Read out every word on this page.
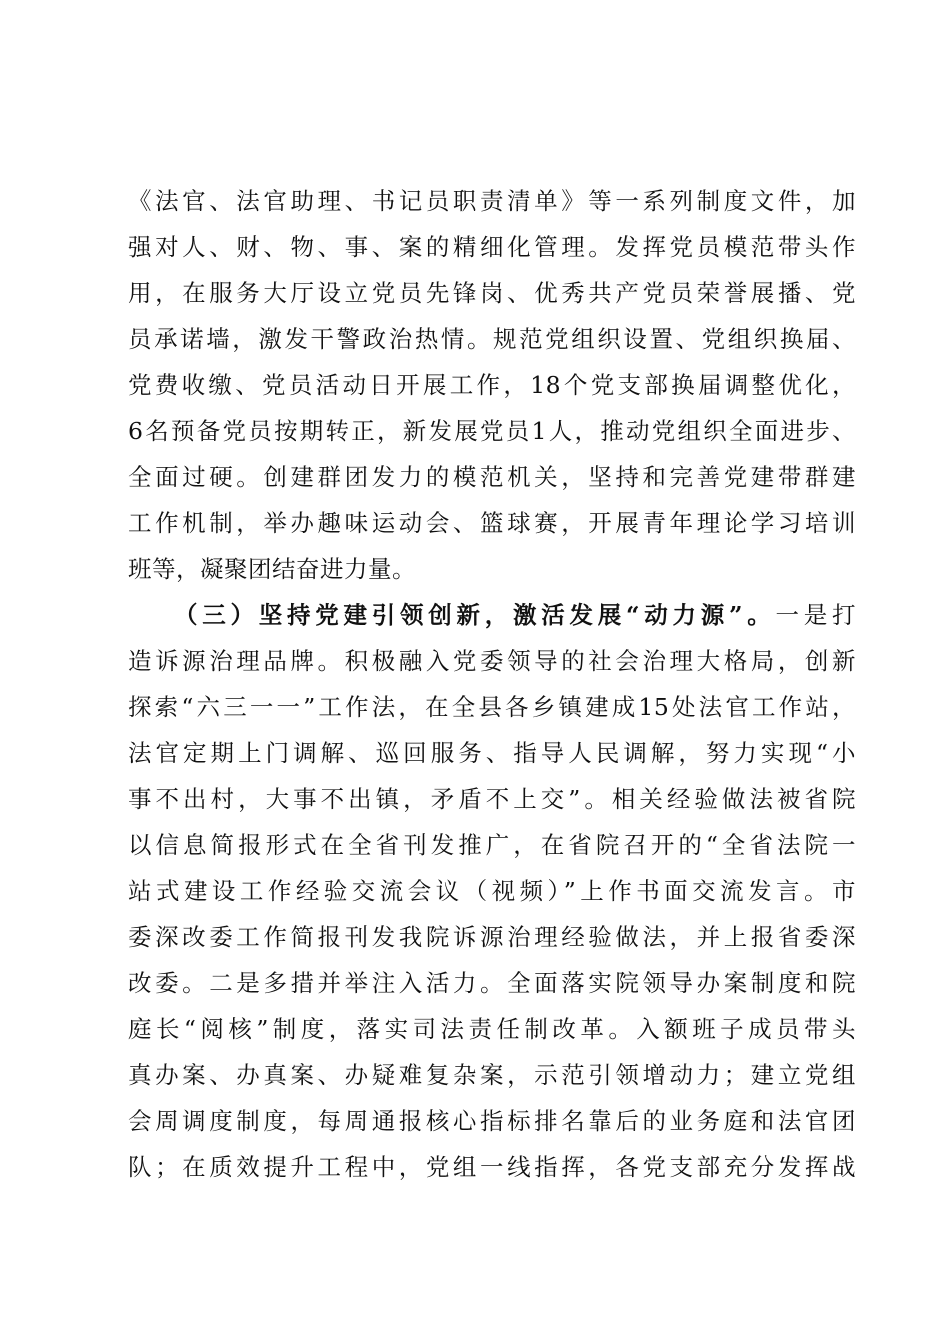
《法官、法官助理、书记员职责清单》等一系列制度文件，加
强对人、财、物、事、案的精细化管理。发挥党员模范带头作
用，在服务大厅设立党员先锋岗、优秀共产党员荣誉展播、党
员承诺墙，激发干警政治热情。规范党组织设置、党组织换届、
党费收缴、党员活动日开展工作，18个党支部换届调整优化，
6名预备党员按期转正，新发展党员1人，推动党组织全面进步、
全面过硬。创建群团发力的模范机关，坚持和完善党建带群建
工作机制，举办趣味运动会、篮球赛，开展青年理论学习培训
班等，凝聚团结奋进力量。
（三）坚持党建引领创新，激活发展“动力源”。一是打
造诉源治理品牌。积极融入党委领导的社会治理大格局，创新
探索“六三一一”工作法，在全县各乡镇建成15处法官工作站，
法官定期上门调解、巡回服务、指导人民调解，努力实现“小
事不出村，大事不出镇，矛盾不上交”。相关经验做法被省院
以信息简报形式在全省刊发推广，在省院召开的“全省法院一
站式建设工作经验交流会议（视频）”上作书面交流发言。市
委深改委工作简报刊发我院诉源治理经验做法，并上报省委深
改委。二是多措并举注入活力。全面落实院领导办案制度和院
庭长“阅核”制度，落实司法责任制改革。入额班子成员带头
真办案、办真案、办疑难复杂案，示范引领增动力；建立党组
会周调度制度，每周通报核心指标排名靠后的业务庭和法官团
队；在质效提升工程中，党组一线指挥，各党支部充分发挥战
